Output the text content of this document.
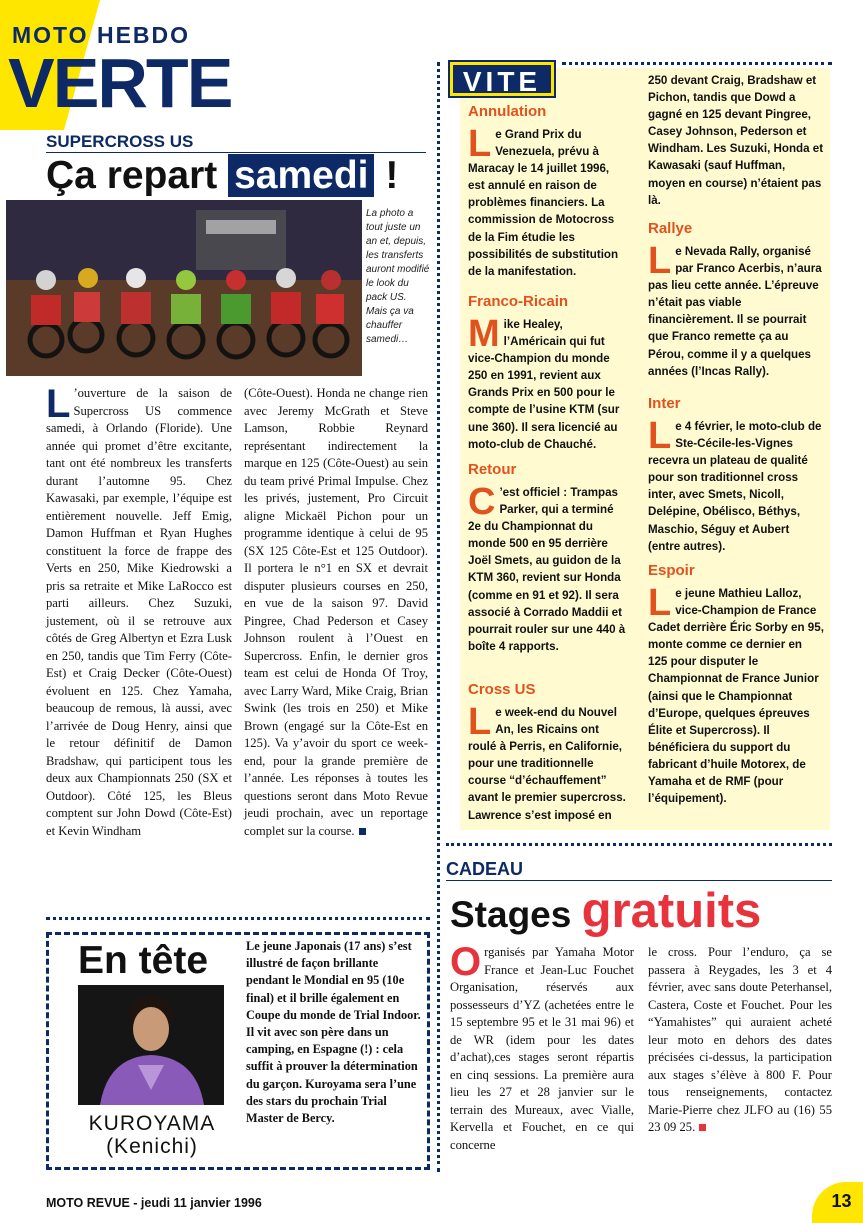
MOTO HEBDO
VERTE
SUPERCROSS US
Ça repart samedi !
La photo a tout juste un an et, depuis, les transferts auront modifié le look du pack US. Mais ça va chauffer samedi…
L ’ouverture de la saison de Supercross US commence samedi, à Orlando (Floride). Une année qui promet d’être excitante, tant ont été nombreux les transferts durant l’automne 95. Chez Kawasaki, par exemple, l’équipe est entièrement nouvelle. Jeff Emig, Damon Huffman et Ryan Hughes constituent la force de frappe des Verts en 250, Mike Kiedrowski a pris sa retraite et Mike LaRocco est parti ailleurs. Chez Suzuki, justement, où il se retrouve aux côtés de Greg Albertyn et Ezra Lusk en 250, tandis que Tim Ferry (Côte-Est) et Craig Decker (Côte-Ouest) évoluent en 125. Chez Yamaha, beaucoup de remous, là aussi, avec l’arrivée de Doug Henry, ainsi que le retour définitif de Damon Bradshaw, qui participent tous les deux aux Championnats 250 (SX et Outdoor). Côté 125, les Bleus comptent sur John Dowd (Côte-Est) et Kevin Windham
(Côte-Ouest). Honda ne change rien avec Jeremy McGrath et Steve Lamson, Robbie Reynard représentant indirectement la marque en 125 (Côte-Ouest) au sein du team privé Primal Impulse. Chez les privés, justement, Pro Circuit aligne Mickaël Pichon pour un programme identique à celui de 95 (SX 125 Côte-Est et 125 Outdoor). Il portera le n°1 en SX et devrait disputer plusieurs courses en 250, en vue de la saison 97. David Pingree, Chad Pederson et Casey Johnson roulent à l’Ouest en Supercross. Enfin, le dernier gros team est celui de Honda Of Troy, avec Larry Ward, Mike Craig, Brian Swink (les trois en 250) et Mike Brown (engagé sur la Côte-Est en 125). Va y’avoir du sport ce week-end, pour la grande première de l’année. Les réponses à toutes les questions seront dans Moto Revue jeudi prochain, avec un reportage complet sur la course.
En tête
KUROYAMA
(Kenichi)
Le jeune Japonais (17 ans) s’est illustré de façon brillante pendant le Mondial en 95 (10e final) et il brille également en Coupe du monde de Trial Indoor. Il vit avec son père dans un camping, en Espagne (!) : cela suffit à prouver la détermination du garçon. Kuroyama sera l’une des stars du prochain Trial Master de Bercy.
VITE	250 devant Craig, Bradshaw et Pichon, tandis que Dowd a gagné en 125 devant Pingree, Casey Johnson, Pederson et Windham. Les Suzuki, Honda et Kawasaki (sauf Huffman, moyen en course) n’étaient pas là.
Annulation
L e Grand Prix du Venezuela, prévu à Maracay le 14 juillet 1996, est annulé en raison de problèmes financiers. La commission de Motocross de la Fim étudie les possibilités de substitution de la manifestation.
Franco-Ricain
M ike Healey, l’Américain qui fut vice-Champion du monde 250 en 1991, revient aux Grands Prix en 500 pour le compte de l’usine KTM (sur une 360). Il sera licencié au moto-club de Chauché.
Retour
C ’est officiel : Trampas Parker, qui a terminé 2e du Championnat du monde 500 en 95 derrière Joël Smets, au guidon de la KTM 360, revient sur Honda (comme en 91 et 92). Il sera associé à Corrado Maddii et pourrait rouler sur une 440 à boîte 4 rapports.
Cross US
L e week-end du Nouvel An, les Ricains ont roulé à Perris, en Californie, pour une traditionnelle course “d’échauffement” avant le premier supercross. Lawrence s’est imposé en
Rallye
L e Nevada Rally, organisé par Franco Acerbis, n’aura pas lieu cette année. L’épreuve n’était pas viable financièrement. Il se pourrait que Franco remette ça au Pérou, comme il y a quelques années (l’Incas Rally).
Inter
L e 4 février, le moto-club de Ste-Cécile-les-Vignes recevra un plateau de qualité pour son traditionnel cross inter, avec Smets, Nicoll, Delépine, Obélisco, Béthys, Maschio, Séguy et Aubert (entre autres).
Espoir
L e jeune Mathieu Lalloz, vice-Champion de France Cadet derrière Éric Sorby en 95, monte comme ce dernier en 125 pour disputer le Championnat de France Junior (ainsi que le Championnat d’Europe, quelques épreuves Élite et Supercross). Il bénéficiera du support du fabricant d’huile Motorex, de Yamaha et de RMF (pour l’équipement).
CADEAU
Stages gratuits
Organisés par Yamaha Motor France et Jean-Luc Fouchet Organisation, réservés aux possesseurs d’YZ (achetées entre le 15 septembre 95 et le 31 mai 96) et de WR (idem pour les dates d’achat),ces stages seront répartis en cinq sessions. La première aura lieu les 27 et 28 janvier sur le terrain des Mureaux, avec Vialle, Kervella et Fouchet, en ce qui concerne
le cross. Pour l’enduro, ça se passera à Reygades, les 3 et 4 février, avec sans doute Peterhansel, Castera, Coste et Fouchet. Pour les “Yamahistes” qui auraient acheté leur moto en dehors des dates précisées ci-dessus, la participation aux stages s’élève à 800 F. Pour tous renseignements, contactez Marie-Pierre chez JLFO au (16) 55 23 09 25.
MOTO REVUE - jeudi 11 janvier 1996	13
